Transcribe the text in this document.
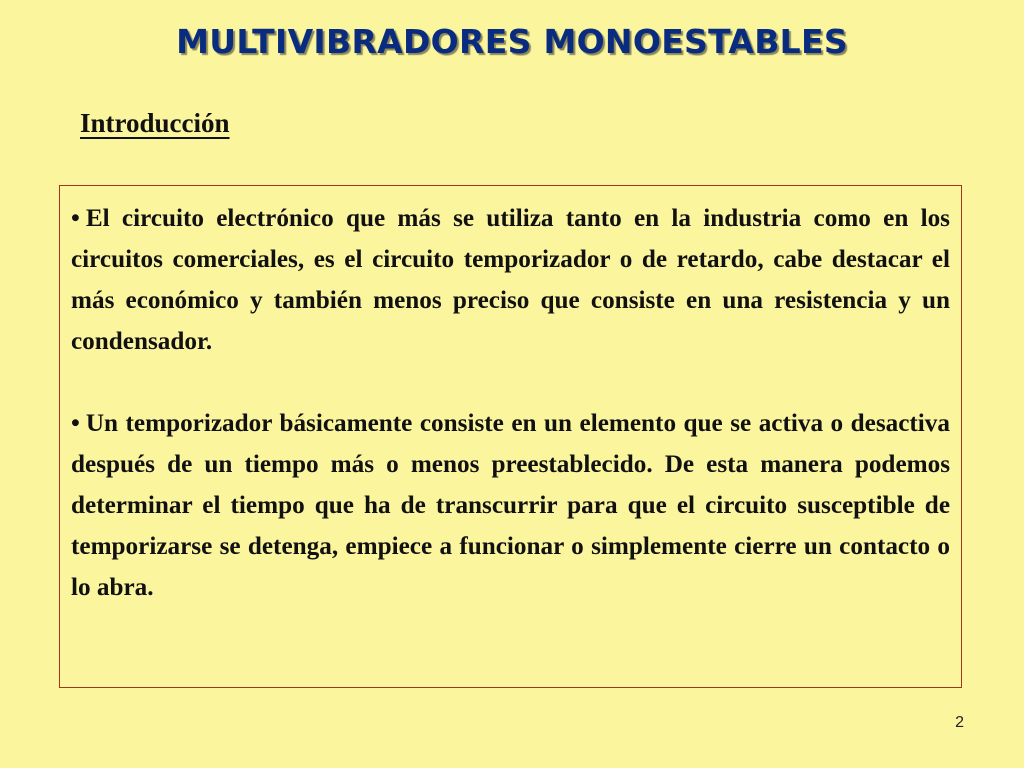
MULTIVIBRADORES MONOESTABLES
Introducción

• El circuito electrónico que más se utiliza tanto en la industria como en los circuitos comerciales, es el circuito temporizador o de retardo, cabe destacar el más económico y también menos preciso que consiste en una resistencia y un condensador.

• Un temporizador básicamente consiste en un elemento que se activa o desactiva después de un tiempo más o menos preestablecido. De esta manera podemos determinar el tiempo que ha de transcurrir para que el circuito susceptible de temporizarse se detenga, empiece a funcionar o simplemente cierre un contacto o lo abra.

2
